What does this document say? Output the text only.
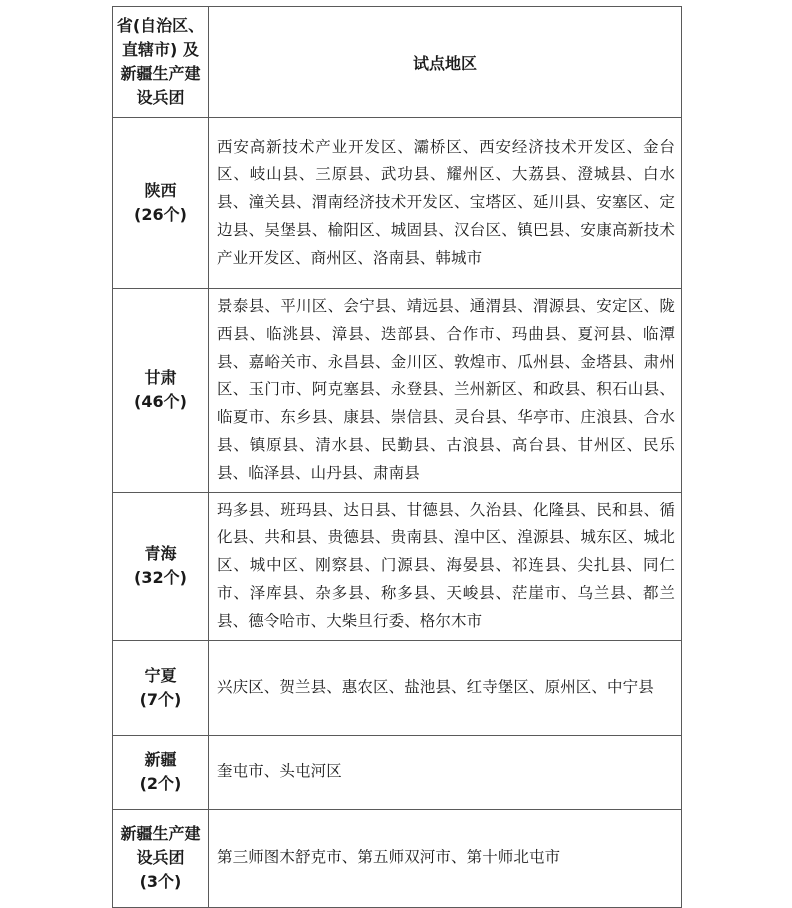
省(自治区、
直辖市) 及
新疆生产建
设兵团	试点地区

陕西
(26个)	西安高新技术产业开发区、灞桥区、西安经济技术开发区、金台区、岐山县、三原县、武功县、耀州区、大荔县、澄城县、白水县、潼关县、渭南经济技术开发区、宝塔区、延川县、安塞区、定边县、吴堡县、榆阳区、城固县、汉台区、镇巴县、安康高新技术产业开发区、商州区、洛南县、韩城市

甘肃
(46个)	景泰县、平川区、会宁县、靖远县、通渭县、渭源县、安定区、陇西县、临洮县、漳县、迭部县、合作市、玛曲县、夏河县、临潭县、嘉峪关市、永昌县、金川区、敦煌市、瓜州县、金塔县、肃州区、玉门市、阿克塞县、永登县、兰州新区、和政县、积石山县、临夏市、东乡县、康县、崇信县、灵台县、华亭市、庄浪县、合水县、镇原县、清水县、民勤县、古浪县、高台县、甘州区、民乐县、临泽县、山丹县、肃南县

青海
(32个)	玛多县、班玛县、达日县、甘德县、久治县、化隆县、民和县、循化县、共和县、贵德县、贵南县、湟中区、湟源县、城东区、城北区、城中区、刚察县、门源县、海晏县、祁连县、尖扎县、同仁市、泽库县、杂多县、称多县、天峻县、茫崖市、乌兰县、都兰县、德令哈市、大柴旦行委、格尔木市

宁夏
(7个)	兴庆区、贺兰县、惠农区、盐池县、红寺堡区、原州区、中宁县

新疆
(2个)	奎屯市、头屯河区

新疆生产建
设兵团
(3个)	第三师图木舒克市、第五师双河市、第十师北屯市
